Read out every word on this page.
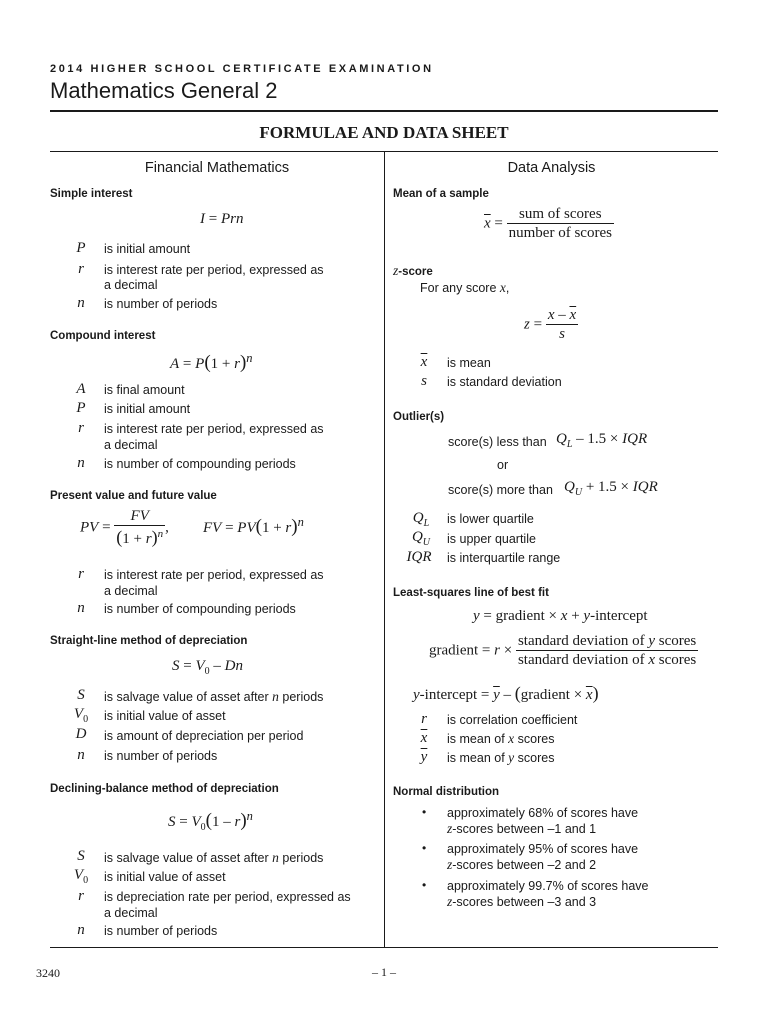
2014 HIGHER SCHOOL CERTIFICATE EXAMINATION
Mathematics General 2
FORMULAE AND DATA SHEET
Financial Mathematics
Simple interest
I = Prn
P	is initial amount
r	is interest rate per period, expressed as
a decimal
n	is number of periods
Compound interest
$A = P(1 + r)^n$
A	is final amount
P	is initial amount
r	is interest rate per period, expressed as
a decimal
n	is number of compounding periods
Present value and future value
PV = $\frac{FV}{(1 + r)^n}$ , FV = $PV(1 + r)^n$
r	is interest rate per period, expressed as
a decimal
n	is number of compounding periods
Straight-line method of depreciation
$S = V_0 - Dn$
S	is salvage value of asset after n periods
$V_0$	is initial value of asset
D	is amount of depreciation per period
n	is number of periods
Declining-balance method of depreciation
$S = V_0(1 - r)^n$
S	is salvage value of asset after n periods
$V_0$	is initial value of asset
r	is depreciation rate per period, expressed as
a decimal
n	is number of periods
Data Analysis
Mean of a sample
$\overline{x} = \frac{\text{sum of scores}}{\text{number of scores}}$
z-score
For any score x,
$z = \frac{x - \overline{x}}{s}$
$\overline{x}$	is mean
s	is standard deviation
Outlier(s)
score(s) less than $Q_L - 1.5$ × IQR
or
score(s) more than $Q_U + 1.5$ × IQR
$Q_L$	is lower quartile
$Q_U$	is upper quartile
IQR	is interquartile range
Least-squares line of best fit
y = gradient × x + y-intercept
gradient = $r \times \frac{\text{standard deviation of y scores}}{\text{standard deviation of x scores}}$
y-intercept = $\overline{y}$ – (gradient × $\overline{x}$)
r	is correlation coefficient
$\overline{x}$	is mean of x scores
$\overline{y}$	is mean of y scores
Normal distribution
• approximately 68% of scores have
z-scores between –1 and 1
• approximately 95% of scores have
z-scores between –2 and 2
• approximately 99.7% of scores have
z-scores between –3 and 3
3240	– 1 –
